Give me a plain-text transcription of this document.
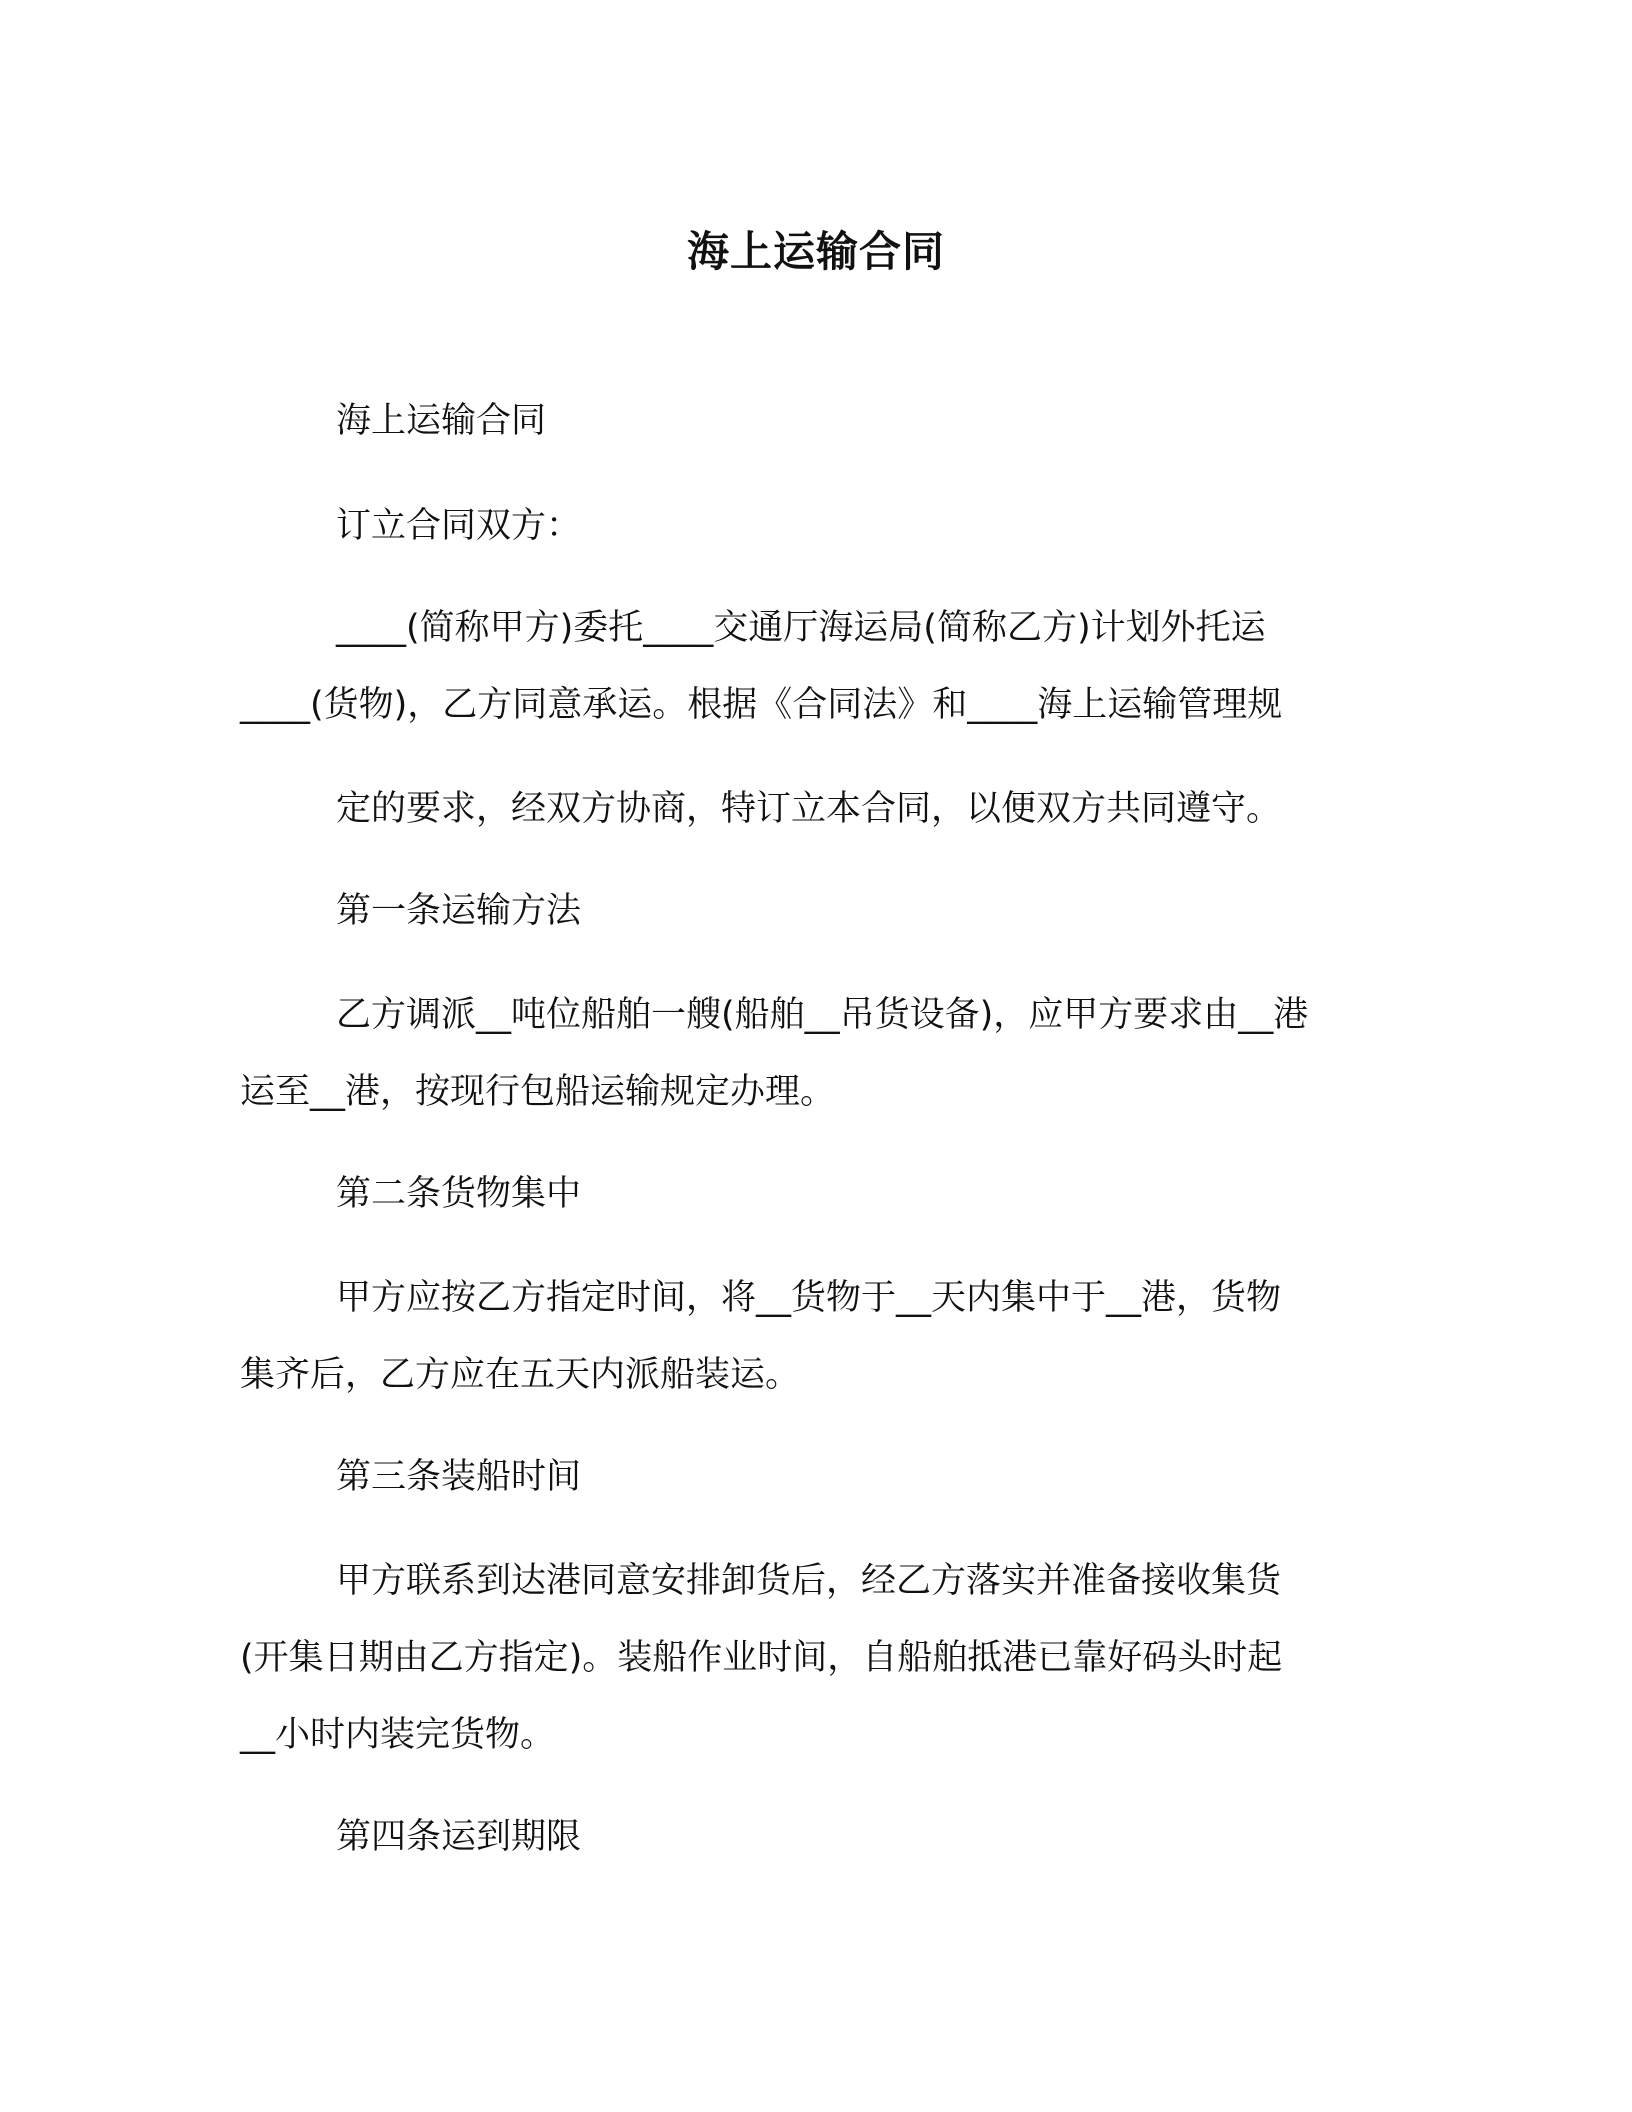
海上运输合同
海上运输合同
订立合同双方：
____(简称甲方)委托____交通厅海运局(简称乙方)计划外托运
____(货物)，乙方同意承运。根据《合同法》和____海上运输管理规
定的要求，经双方协商，特订立本合同，以便双方共同遵守。
第一条运输方法
乙方调派__吨位船舶一艘(船舶__吊货设备)，应甲方要求由__港
运至__港，按现行包船运输规定办理。
第二条货物集中
甲方应按乙方指定时间，将__货物于__天内集中于__港，货物
集齐后，乙方应在五天内派船装运。
第三条装船时间
甲方联系到达港同意安排卸货后，经乙方落实并准备接收集货
(开集日期由乙方指定)。装船作业时间，自船舶抵港已靠好码头时起
__小时内装完货物。
第四条运到期限
